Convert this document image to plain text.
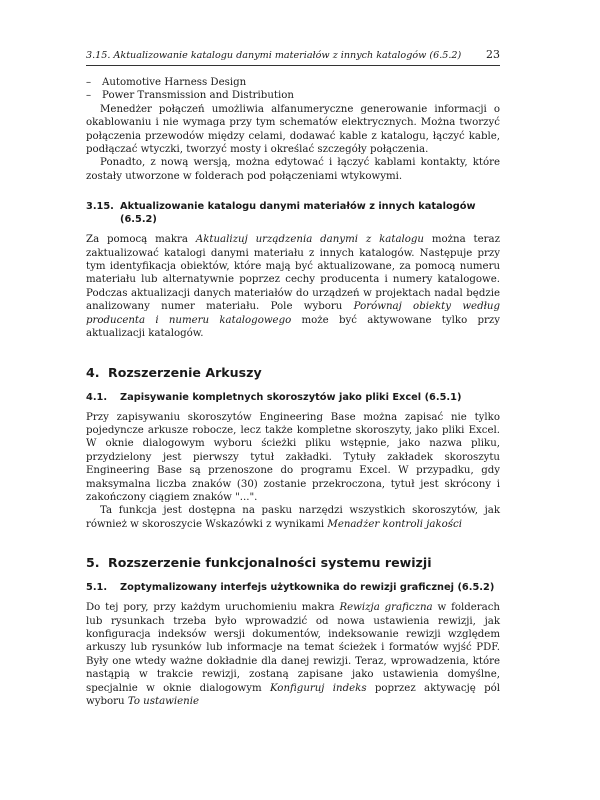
3.15. Aktualizowanie katalogu danymi materiałów z innych katalogów (6.5.2) 23
–	Automotive Harness Design
–	Power Transmission and Distribution

Menedżer połączeń umożliwia alfanumeryczne generowanie informacji o okablowaniu i nie wymaga przy tym schematów elektrycznych. Można tworzyć połączenia przewodów między celami, dodawać kable z katalogu, łączyć kable, podłączać wtyczki, tworzyć mosty i określać szczegóły połączenia.

Ponadto, z nową wersją, można edytować i łączyć kablami kontakty, które zostały utworzone w folderach pod połączeniami wtykowymi.

3.15. Aktualizowanie katalogu danymi materiałów z innych katalogów (6.5.2)

Za pomocą makra Aktualizuj urządzenia danymi z katalogu można teraz zaktualizować katalogi danymi materiału z innych katalogów. Następuje przy tym identyfikacja obiektów, które mają być aktualizowane, za pomocą numeru materiału lub alternatywnie poprzez cechy producenta i numery katalogowe. Podczas aktualizacji danych materiałów do urządzeń w projektach nadal będzie analizowany numer materiału. Pole wyboru Porównaj obiekty według producenta i numeru katalogowego może być aktywowane tylko przy aktualizacji katalogów.

4. Rozszerzenie Arkuszy
4.1.	Zapisywanie kompletnych skoroszytów jako pliki Excel (6.5.1)

Przy zapisywaniu skoroszytów Engineering Base można zapisać nie tylko pojedyncze arkusze robocze, lecz także kompletne skoroszyty, jako pliki Excel. W oknie dialogowym wyboru ścieżki pliku wstępnie, jako nazwa pliku, przydzielony jest pierwszy tytuł zakładki. Tytuły zakładek skoroszytu Engineering Base są przenoszone do programu Excel. W przypadku, gdy maksymalna liczba znaków (30) zostanie przekroczona, tytuł jest skrócony i zakończony ciągiem znaków "...".

Ta funkcja jest dostępna na pasku narzędzi wszystkich skoroszytów, jak również w skoroszycie Wskazówki z wynikami Menadżer kontroli jakości

5. Rozszerzenie funkcjonalności systemu rewizji
5.1.	Zoptymalizowany interfejs użytkownika do rewizji graficznej (6.5.2)

Do tej pory, przy każdym uruchomieniu makra Rewizja graficzna w folderach lub rysunkach trzeba było wprowadzić od nowa ustawienia rewizji, jak konfiguracja indeksów wersji dokumentów, indeksowanie rewizji względem arkuszy lub rysunków lub informacje na temat ścieżek i formatów wyjść PDF. Były one wtedy ważne dokładnie dla danej rewizji. Teraz, wprowadzenia, które nastąpią w trakcie rewizji, zostaną zapisane jako ustawienia domyślne, specjalnie w oknie dialogowym Konfiguruj indeks poprzez aktywację pól wyboru To ustawienie
